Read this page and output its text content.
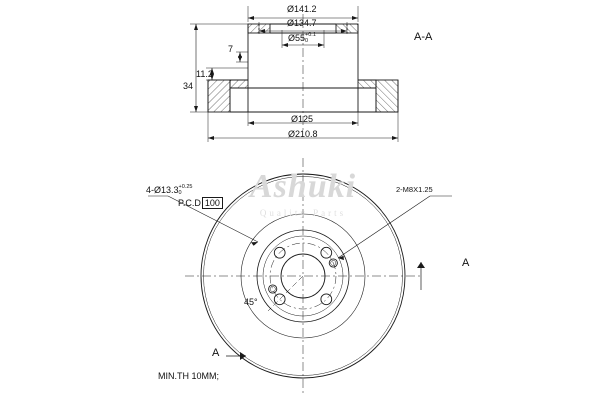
Ashuki
Quality Parts
Ø141.2
Ø134.7
Ø55 +0.1
0
7
11.2
34
Ø125
Ø210.8
A-A
4-Ø13.3 +0.25
0
P.C.D 100
2-M8X1.25
45°
A
A
MIN.TH 10MM;
